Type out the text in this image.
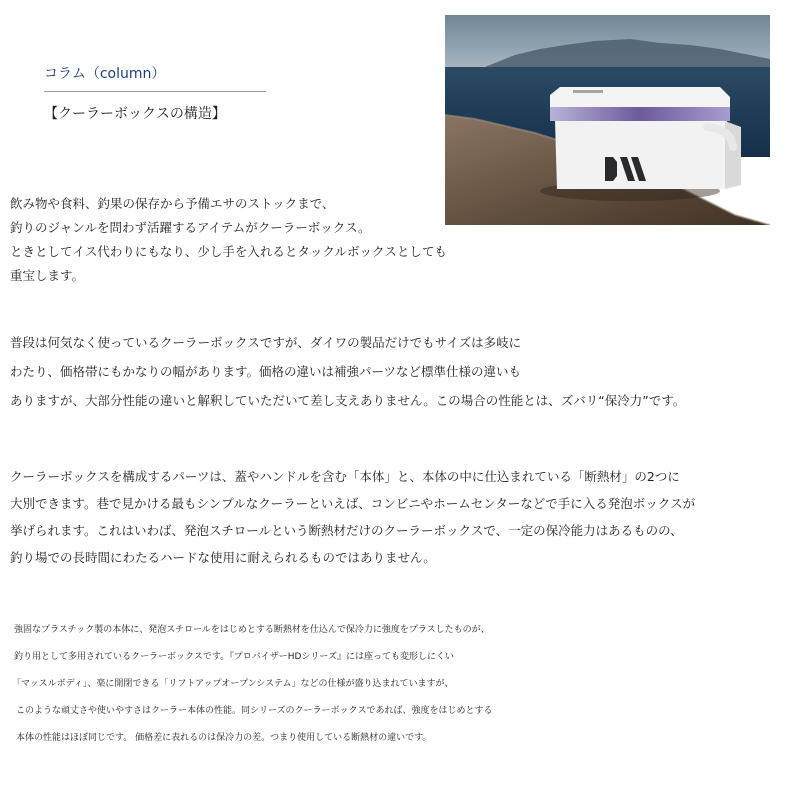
コラム（column）
【クーラーボックスの構造】
飲み物や食料、釣果の保存から予備エサのストックまで、
釣りのジャンルを問わず活躍するアイテムがクーラーボックス。
ときとしてイス代わりにもなり、少し手を入れるとタックルボックスとしても
重宝します。
普段は何気なく使っているクーラーボックスですが、ダイワの製品だけでもサイズは多岐に
わたり、価格帯にもかなりの幅があります。価格の違いは補強パーツなど標準仕様の違いも
ありますが、大部分性能の違いと解釈していただいて差し支えありません。この場合の性能とは、ズバリ“保冷力”です。
クーラーボックスを構成するパーツは、蓋やハンドルを含む「本体」と、本体の中に仕込まれている「断熱材」の2つに
大別できます。巷で見かける最もシンプルなクーラーといえば、コンビニやホームセンターなどで手に入る発泡ボックスが
挙げられます。これはいわば、発泡スチロールという断熱材だけのクーラーボックスで、一定の保冷能力はあるものの、
釣り場での長時間にわたるハードな使用に耐えられるものではありません。
強固なプラスチック製の本体に、発泡スチロールをはじめとする断熱材を仕込んで保冷力に強度をプラスしたものが、
釣り用として多用されているクーラーボックスです。『プロバイザーHDシリーズ』には座っても変形しにくい
「マッスルボディ」、楽に開閉できる「リフトアップオープンシステム」などの仕様が盛り込まれていますが、
このような頑丈さや使いやすさはクーラー本体の性能。同シリーズのクーラーボックスであれば、強度をはじめとする
本体の性能はほぼ同じです。 価格差に表れるのは保冷力の差。つまり使用している断熱材の違いです。
